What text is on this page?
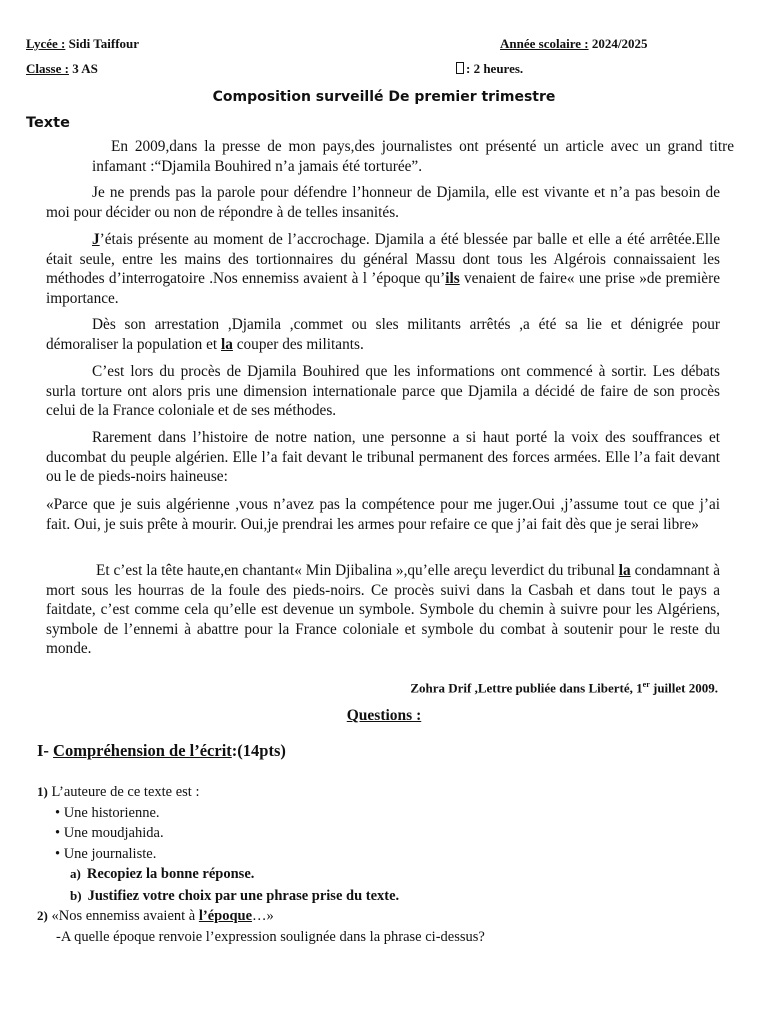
Lycée : Sidi Taiffour	Année scolaire : 2024/2025
Classe : 3 AS	: 2 heures.
Composition surveillé De premier trimestre
Texte
En 2009,dans la presse de mon pays,des journalistes ont présenté un article avec un grand titre infamant :“Djamila Bouhired n’a jamais été torturée”.
Je ne prends pas la parole pour défendre l’honneur de Djamila, elle est vivante et n’a pas besoin de moi pour décider ou non de répondre à de telles insanités.
J’étais présente au moment de l’accrochage. Djamila a été blessée par balle et elle a été arrêtée.Elle était seule, entre les mains des tortionnaires du général Massu dont tous les Algérois connaissaient les méthodes d’interrogatoire .Nos ennemiss avaient à l ’époque qu’ils venaient de faire« une prise »de première importance.
Dès son arrestation ,Djamila ,commet ou sles militants arrêtés ,a été sa lie et dénigrée pour démoraliser la population et la couper des militants.
C’est lors du procès de Djamila Bouhired que les informations ont commencé à sortir. Les débats surla torture ont alors pris une dimension internationale parce que Djamila a décidé de faire de son procès celui de la France coloniale et de ses méthodes.
Rarement dans l’histoire de notre nation, une personne a si haut porté la voix des souffrances et ducombat du peuple algérien. Elle l’a fait devant le tribunal permanent des forces armées. Elle l’a fait devant ou le de pieds-noirs haineuse:
«Parce que je suis algérienne ,vous n’avez pas la compétence pour me juger.Oui ,j’assume tout ce que j’ai fait. Oui, je suis prête à mourir. Oui,je prendrai les armes pour refaire ce que j’ai fait dès que je serai libre»
Et c’est la tête haute,en chantant« Min Djibalina »,qu’elle areçu leverdict du tribunal la condamnant à mort sous les hourras de la foule des pieds-noirs. Ce procès suivi dans la Casbah et dans tout le pays a faitdate, c’est comme cela qu’elle est devenue un symbole. Symbole du chemin à suivre pour les Algériens, symbole de l’ennemi à abattre pour la France coloniale et symbole du combat à soutenir pour le reste du monde.
Zohra Drif ,Lettre publiée dans Liberté, 1er juillet 2009.
Questions :
I- Compréhension de l’écrit:(14pts)
1) L’auteure de ce texte est :
• Une historienne.
• Une moudjahida.
• Une journaliste.
a) Recopiez la bonne réponse.
b) Justifiez votre choix par une phrase prise du texte.
2) «Nos ennemiss avaient à l’époque…»
-A quelle époque renvoie l’expression soulignée dans la phrase ci-dessus?
